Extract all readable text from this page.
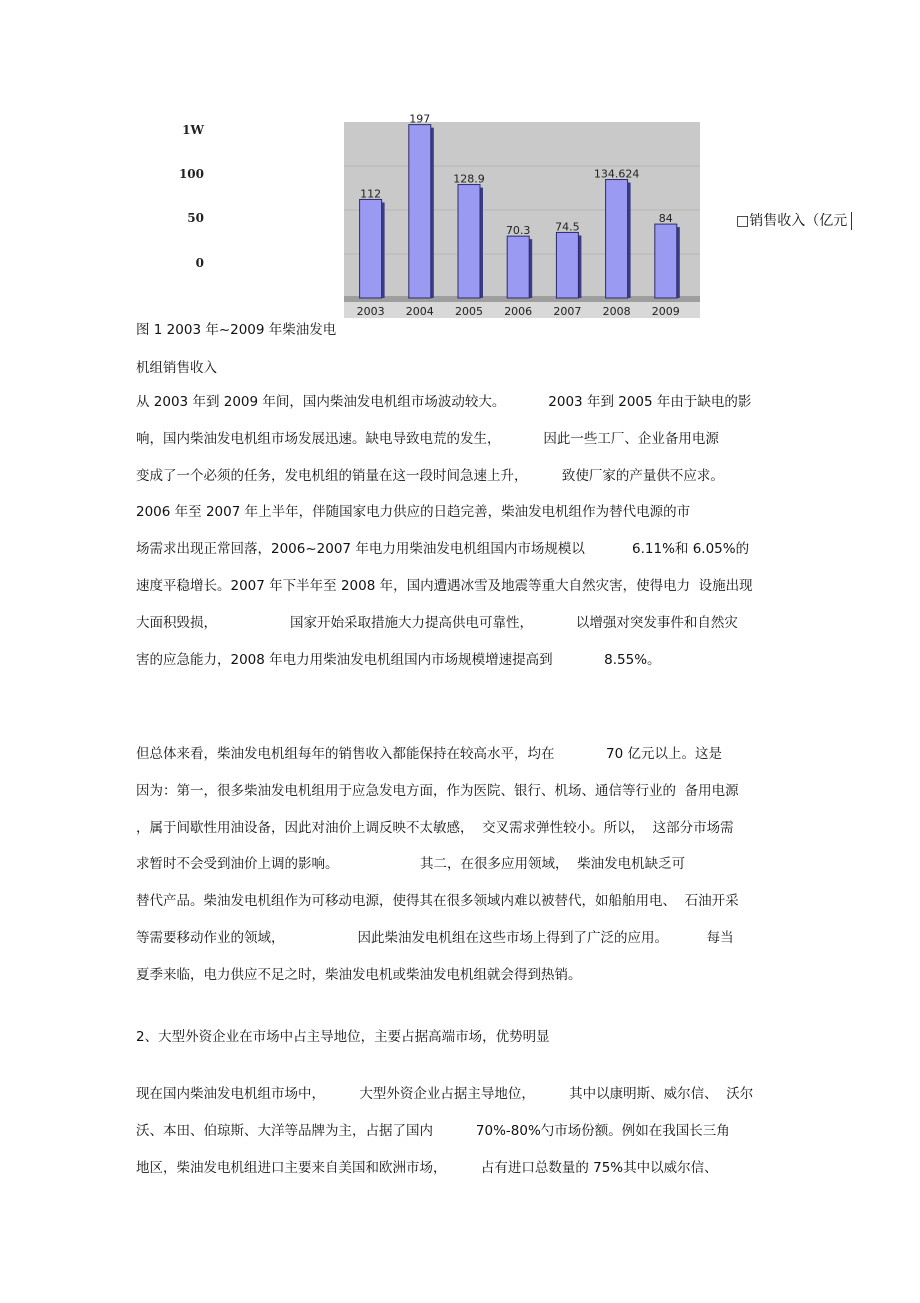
1W
100
50
0
112
197
128.9
70.3 74.5
134.624
84
2003 2004 2005 2006 2007 2008 2009
□销售收入（亿元
图 1 2003 年~2009 年柴油发电
机组销售收入
从 2003 年到 2009 年间，国内柴油发电机组市场波动较大。          2003 年到 2005 年由于缺电的影
响，国内柴油发电机组市场发展迅速。缺电导致电荒的发生，          因此一些工厂、企业备用电源
变成了一个必须的任务，发电机组的销量在这一段时间急速上升，        致使厂家的产量供不应求。
2006 年至 2007 年上半年，伴随国家电力供应的日趋完善，柴油发电机组作为替代电源的市
场需求出现正常回落，2006~2007 年电力用柴油发电机组国内市场规模以           6.11%和 6.05%的
速度平稳增长。2007 年下半年至 2008 年，国内遭遇冰雪及地震等重大自然灾害，使得电力  设施出现
大面积毁损，                 国家开始采取措施大力提高供电可靠性，          以增强对突发事件和自然灾
害的应急能力，2008 年电力用柴油发电机组国内市场规模增速提高到            8.55%。
但总体来看，柴油发电机组每年的销售收入都能保持在较高水平，均在            70 亿元以上。这是
因为：第一，很多柴油发电机组用于应急发电方面，作为医院、银行、机场、通信等行业的  备用电源
，属于间歇性用油设备，因此对油价上调反映不太敏感，  交叉需求弹性较小。所以，  这部分市场需
求暂时不会受到油价上调的影响。                   其二，在很多应用领域，  柴油发电机缺乏可
替代产品。柴油发电机组作为可移动电源，使得其在很多领域内难以被替代，如船舶用电、  石油开采
等需要移动作业的领域，                 因此柴油发电机组在这些市场上得到了广泛的应用。         每当
夏季来临，电力供应不足之时，柴油发电机或柴油发电机组就会得到热销。
2、大型外资企业在市场中占主导地位，主要占据高端市场，优势明显
现在国内柴油发电机组市场中，        大型外资企业占据主导地位，        其中以康明斯、威尔信、  沃尔
沃、本田、伯琼斯、大洋等品牌为主，占据了国内          70%-80%勺市场份额。例如在我国长三角
地区，柴油发电机组进口主要来自美国和欧洲市场，        占有进口总数量的 75%其中以威尔信、
